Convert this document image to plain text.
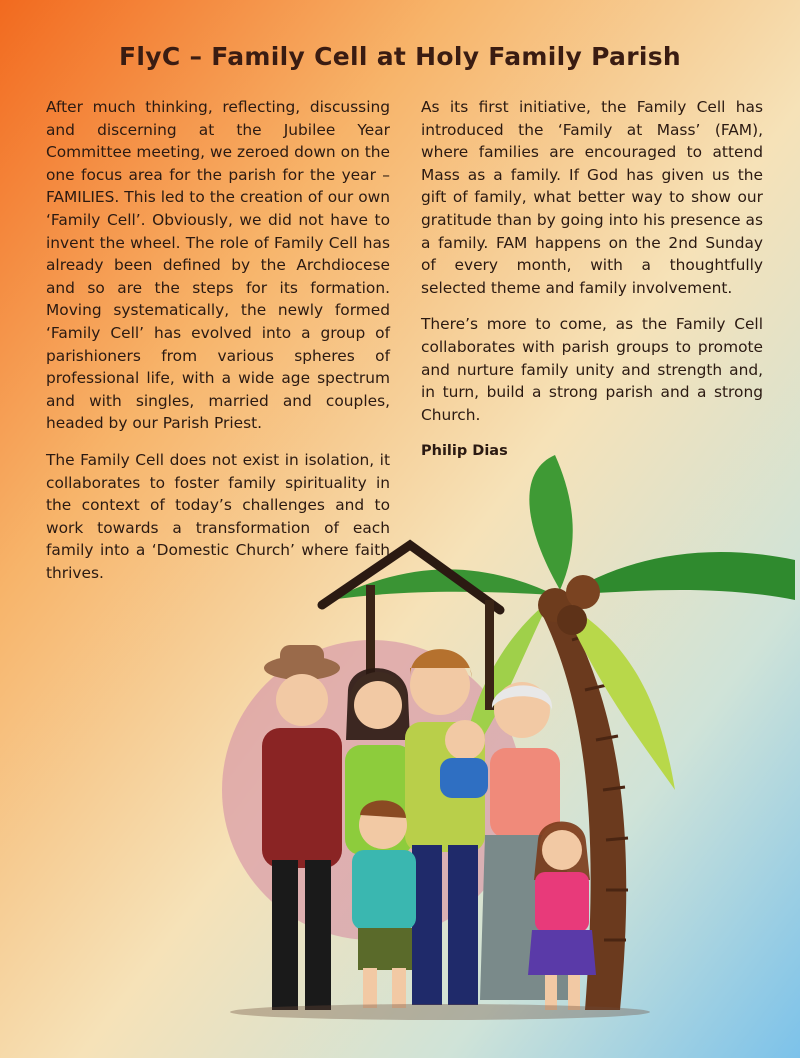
FlyC – Family Cell at Holy Family Parish

After much thinking, reflecting, discussing and discerning at the Jubilee Year Committee meeting, we zeroed down on the one focus area for the parish for the year – FAMILIES. This led to the creation of our own ‘Family Cell’. Obviously, we did not have to invent the wheel. The role of Family Cell has already been defined by the Archdiocese and so are the steps for its formation. Moving systematically, the newly formed ‘Family Cell’ has evolved into a group of parishioners from various spheres of professional life, with a wide age spectrum and with singles, married and couples, headed by our Parish Priest.

The Family Cell does not exist in isolation, it collaborates to foster family spirituality in the context of today’s challenges and to work towards a transformation of each family into a ‘Domestic Church’ where faith thrives.

As its first initiative, the Family Cell has introduced the ‘Family at Mass’ (FAM), where families are encouraged to attend Mass as a family. If God has given us the gift of family, what better way to show our gratitude than by going into his presence as a family. FAM happens on the 2nd Sunday of every month, with a thoughtfully selected theme and family involvement.

There’s more to come, as the Family Cell collaborates with parish groups to promote and nurture family unity and strength and, in turn, build a strong parish and a strong Church.

Philip Dias
